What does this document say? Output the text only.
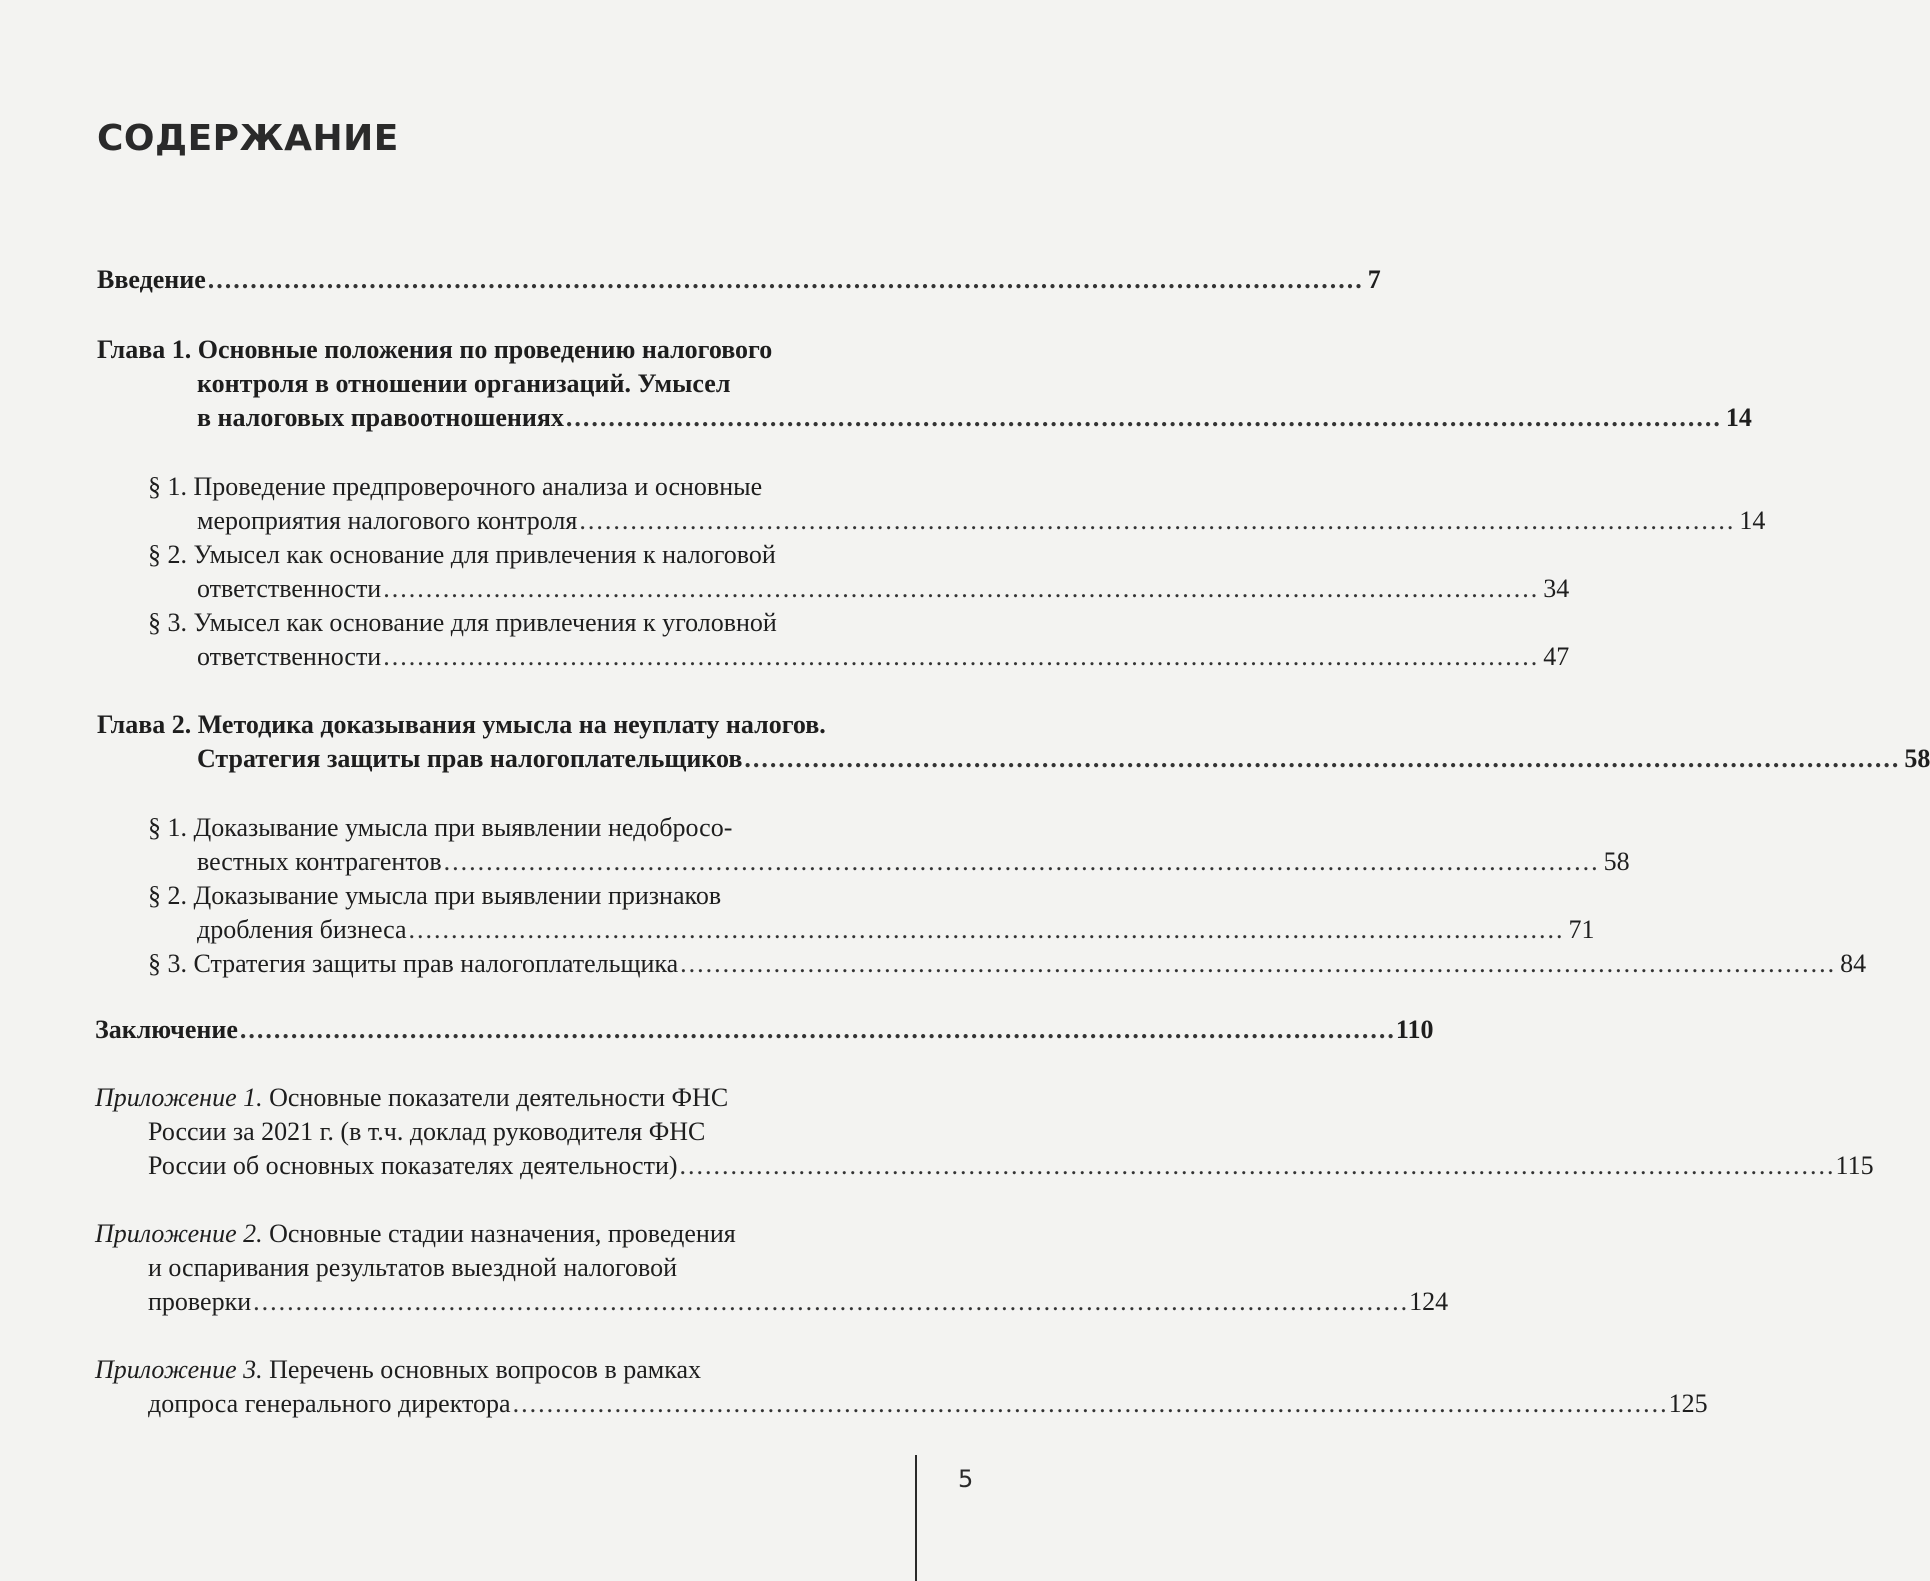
СОДЕРЖАНИЕ
Введение ........................................................................................................................................ 7
Глава 1. Основные положения по проведению налогового
контроля в отношении организаций. Умысел
в налоговых правоотношениях ........................................................................................................................................ 14
§ 1. Проведение предпроверочного анализа и основные
мероприятия налогового контроля ........................................................................................................................................ 14
§ 2. Умысел как основание для привлечения к налоговой
ответственности ........................................................................................................................................ 34
§ 3. Умысел как основание для привлечения к уголовной
ответственности ........................................................................................................................................ 47
Глава 2. Методика доказывания умысла на неуплату налогов.
Стратегия защиты прав налогоплательщиков ........................................................................................................................................ 58
§ 1. Доказывание умысла при выявлении недобросо-
вестных контрагентов ........................................................................................................................................ 58
§ 2. Доказывание умысла при выявлении признаков
дробления бизнеса ........................................................................................................................................ 71
§ 3. Стратегия защиты прав налогоплательщика ........................................................................................................................................ 84
Заключение ........................................................................................................................................ 110
Приложение 1. Основные показатели деятельности ФНС
России за 2021 г. (в т.ч. доклад руководителя ФНС
России об основных показателях деятельности) ........................................................................................................................................ 115
Приложение 2. Основные стадии назначения, проведения
и оспаривания результатов выездной налоговой
проверки ........................................................................................................................................ 124
Приложение 3. Перечень основных вопросов в рамках
допроса генерального директора ........................................................................................................................................ 125
5
